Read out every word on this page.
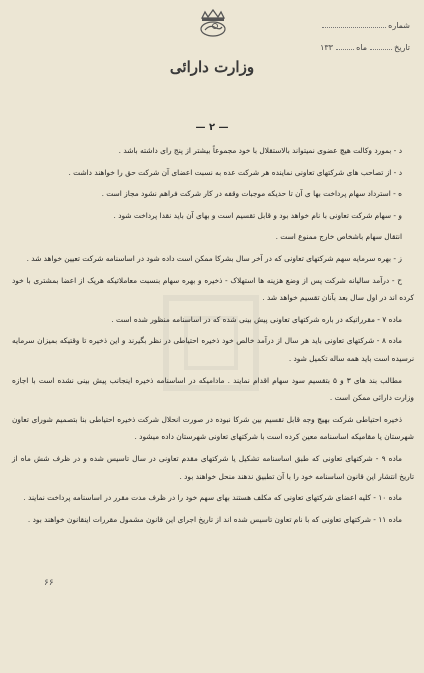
شماره
تاریخ  ماه  ۱۳۳
وزارت دارائی
— ۲ —

د - بمورد وکالت هیچ عضوی نمیتواند بالاستقلال با خود مجموعاً بیشتر از پنج رای داشته باشد .

د - از تصاحب های شرکتهای تعاونی نماینده هر شرکت عده به نسبت اعضای آن شرکت حق را خواهند داشت .

ه - استرداد سهام پرداخت بها ی آن تا حدیکه موجبات وقفه در کار شرکت فراهم نشود مجاز است .

و - سهام شرکت تعاونی با نام خواهد بود و قابل تقسیم است و بهای آن باید نقدا پرداخت شود .

انتقال سهام باشخاص خارج ممنوع است .

ز - بهره سرمایه سهم شرکتهای تعاونی که در آخر سال بشرکا ممکن است داده شود در اساسنامه شرکت تعیین خواهد شد .

ح - درآمد سالیانه شرکت پس از وضع هزینه ها استهلاک - ذخیره و بهره سهام بنسبت معاملاتیکه هریک از اعضا بمشتری با خود کرده اند در اول سال بعد بآنان تقسیم خواهد شد .

ماده ۷ - مقرراتیکه در باره شرکتهای تعاونی پیش بینی شده که در اساسنامه منظور شده است .

ماده ۸ - شرکتهای تعاونی باید هر سال از درآمد خالص خود ذخیره احتیاطی در نظر بگیرند و این ذخیره تا وقتیکه بمیزان سرمایه نرسیده است باید همه ساله تکمیل شود .

مطالب بند های ۳ و ۵ بتقسیم سود سهام اقدام نمایند . مادامیکه در اساسنامه ذخیره اینجانب پیش بینی نشده است با اجازه وزارت دارائی ممکن است .

ذخیره احتیاطی شرکت بهیچ وجه قابل تقسیم بین شرکا نبوده در صورت انحلال شرکت ذخیره احتیاطی بنا بتصمیم شورای تعاون شهرستان یا مقامیکه اساسنامه معین کرده است با شرکتهای تعاونی شهرستان داده میشود .

ماده ۹ - شرکتهای تعاونی که طبق اساسنامه تشکیل یا شرکتهای مقدم تعاونی در سال تاسیس شده و در ظرف شش ماه از تاریخ انتشار این قانون اساسنامه خود را با آن تطبیق ندهند منحل خواهند بود .

ماده ۱۰ - کلیه اعضای شرکتهای تعاونی که مکلف هستند بهای سهم خود را در ظرف مدت مقرر در اساسنامه پرداخت نمایند .

ماده ۱۱ - شرکتهای تعاونی که با نام تعاون تاسیس شده اند از تاریخ اجرای این قانون مشمول مقررات اینقانون خواهند بود .

۶۶
